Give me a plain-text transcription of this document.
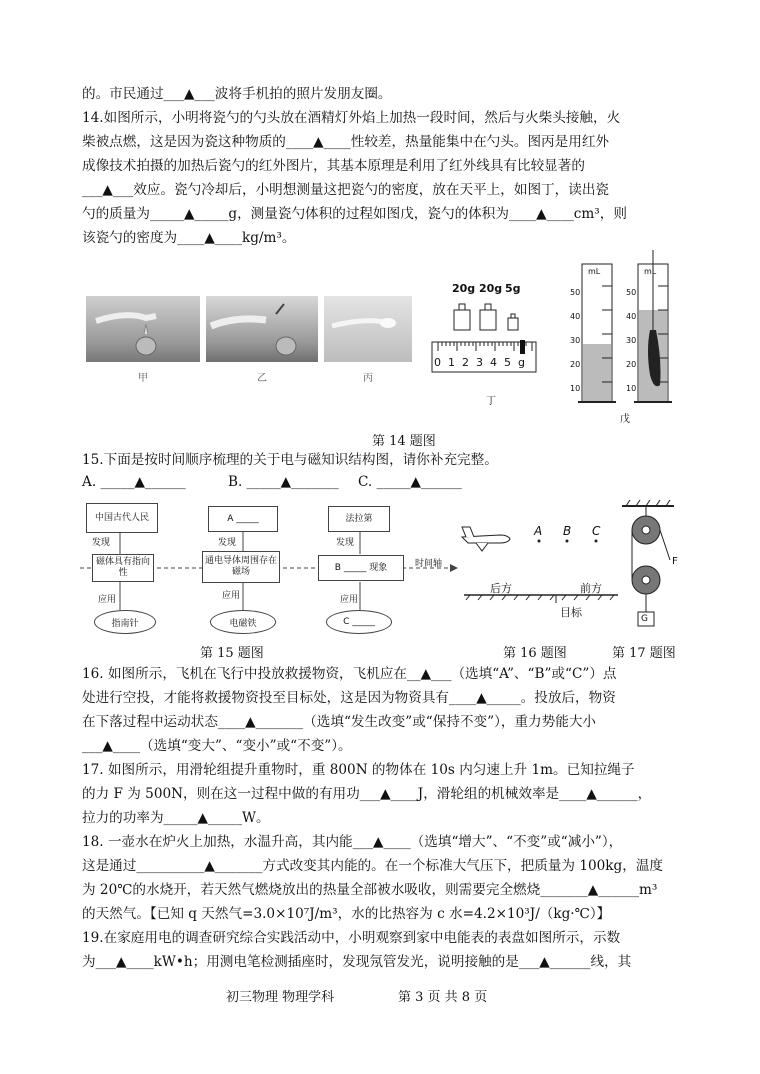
的。市民通过___▲___波将手机拍的照片发朋友圈。
14.如图所示，小明将瓷勺的勺头放在酒精灯外焰上加热一段时间，然后与火柴头接触，火
柴被点燃，这是因为瓷这种物质的____▲____性较差，热量能集中在勺头。图丙是用红外
成像技术拍摄的加热后瓷勺的红外图片，其基本原理是利用了红外线具有比较显著的
___▲___效应。瓷勺冷却后，小明想测量这把瓷勺的密度，放在天平上，如图丁，读出瓷
勺的质量为_____▲_____g，测量瓷勺体积的过程如图戊，瓷勺的体积为____▲____cm³，则
该瓷勺的密度为____▲____kg/m³。
甲	乙	丙
20g 20g 5g
012345g
丁
mL	mL
50
40
30
20
10
50
40
30
20
10
戊
第 14 题图
15.下面是按时间顺序梳理的关于电与磁知识结构图，请你补充完整。
A. _____▲______	B. _____▲_______ C. _____▲______
中国古代人民	A _____	法拉第
发现	发现	发现
磁体具有指向性
通电导体周围存在磁场	B _____ 现象	时间轴
应用	应用	应用
指南针	电磁铁	C _____
第 15 题图
A B C
后方	前方
目标
第 16 题图
F
G
第 17 题图
16. 如图所示，飞机在飞行中投放救援物资，飞机应在__▲___（选填“A”、“B”或“C”）点
处进行空投，才能将救援物资投至目标处，这是因为物资具有____▲_____。投放后，物资
在下落过程中运动状态____▲_______（选填“发生改变”或“保持不变”），重力势能大小
___▲____（选填“变大”、“变小”或“不变”）。
17. 如图所示，用滑轮组提升重物时，重 800N 的物体在 10s 内匀速上升 1m。已知拉绳子
的力 F 为 500N，则在这一过程中做的有用功___▲____J，滑轮组的机械效率是____▲______，
拉力的功率为_____▲_____W。
18. 一壶水在炉火上加热，水温升高，其内能___▲____（选填“增大”、“不变”或“减小”），
这是通过__________▲_______方式改变其内能的。在一个标准大气压下，把质量为 100kg，温度
为 20℃的水烧开，若天然气燃烧放出的热量全部被水吸收，则需要完全燃烧_______▲______m³
的天然气。【已知 q 天然气=3.0×10⁷J/m³，水的比热容为 c 水=4.2×10³J/（kg·℃）】
19.在家庭用电的调查研究综合实践活动中，小明观察到家中电能表的表盘如图所示，示数
为___▲____kW•h；用测电笔检测插座时，发现氖管发光，说明接触的是___▲______线，其
初三物理 物理学科	第 3 页 共 8 页
